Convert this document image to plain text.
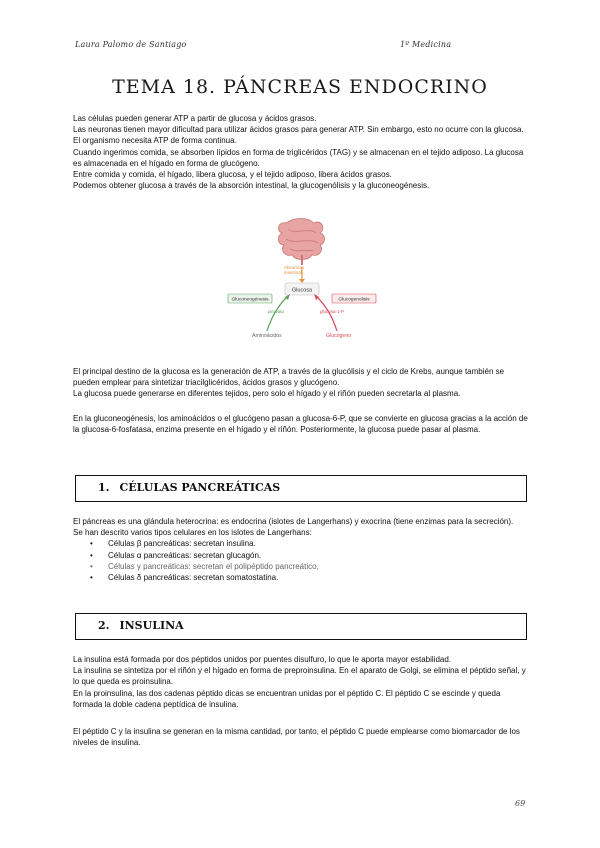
Laura Palomo de Santiago	1º Medicina
TEMA 18. PÁNCREAS ENDOCRINO

Las células pueden generar ATP a partir de glucosa y ácidos grasos.

Las neuronas tienen mayor dificultad para utilizar ácidos grasos para generar ATP. Sin embargo, esto no ocurre con la glucosa.

El organismo necesita ATP de forma continua.

Cuando ingerimos comida, se absorben lípidos en forma de triglicéridos (TAG) y se almacenan en el tejido adiposo. La glucosa es almacenada en el hígado en forma de glucógeno.

Entre comida y comida, el hígado, libera glucosa, y el tejido adiposo, libera ácidos grasos.

Podemos obtener glucosa a través de la absorción intestinal, la glucogenólisis y la gluconeogénesis.

Absorción
intestinal
Glucosa
Gluconeogénesis	Glucogenolisis
piruvato	glucosa-1-P
Aminoácidos	Glucógeno

El principal destino de la glucosa es la generación de ATP, a través de la glucólisis y el ciclo de Krebs, aunque también se pueden emplear para sintetizar triacilglicéridos, ácidos grasos y glucógeno.

La glucosa puede generarse en diferentes tejidos, pero solo el hígado y el riñón pueden secretarla al plasma.

En la gluconeogénesis, los aminoácidos o el glucógeno pasan a glucosa-6-P, que se convierte en glucosa gracias a la acción de la glucosa-6-fosfatasa, enzima presente en el hígado y el riñón. Posteriormente, la glucosa puede pasar al plasma.

1. CÉLULAS PANCREÁTICAS

El páncreas es una glándula heterocrina: es endocrina (islotes de Langerhans) y exocrina (tiene enzimas para la secreción).

Se han descrito varios tipos celulares en los islotes de Langerhans:

• Células β pancreáticas: secretan insulina.
• Células α pancreáticas: secretan glucagón.
• Células γ pancreáticas: secretan el polipéptido pancreático,
• Células δ pancreáticas: secretan somatostatina.
2. INSULINA

La insulina está formada por dos péptidos unidos por puentes disulfuro, lo que le aporta mayor estabilidad.

La insulina se sintetiza por el riñón y el hígado en forma de preproinsulina. En el aparato de Golgi, se elimina el péptido señal, y lo que queda es proinsulina.

En la proinsulina, las dos cadenas péptido dicas se encuentran unidas por el péptido C. El péptido C se escinde y queda formada la doble cadena peptídica de insulina.

El péptido C y la insulina se generan en la misma cantidad, por tanto, el péptido C puede emplearse como biomarcador de los niveles de insulina.

69
